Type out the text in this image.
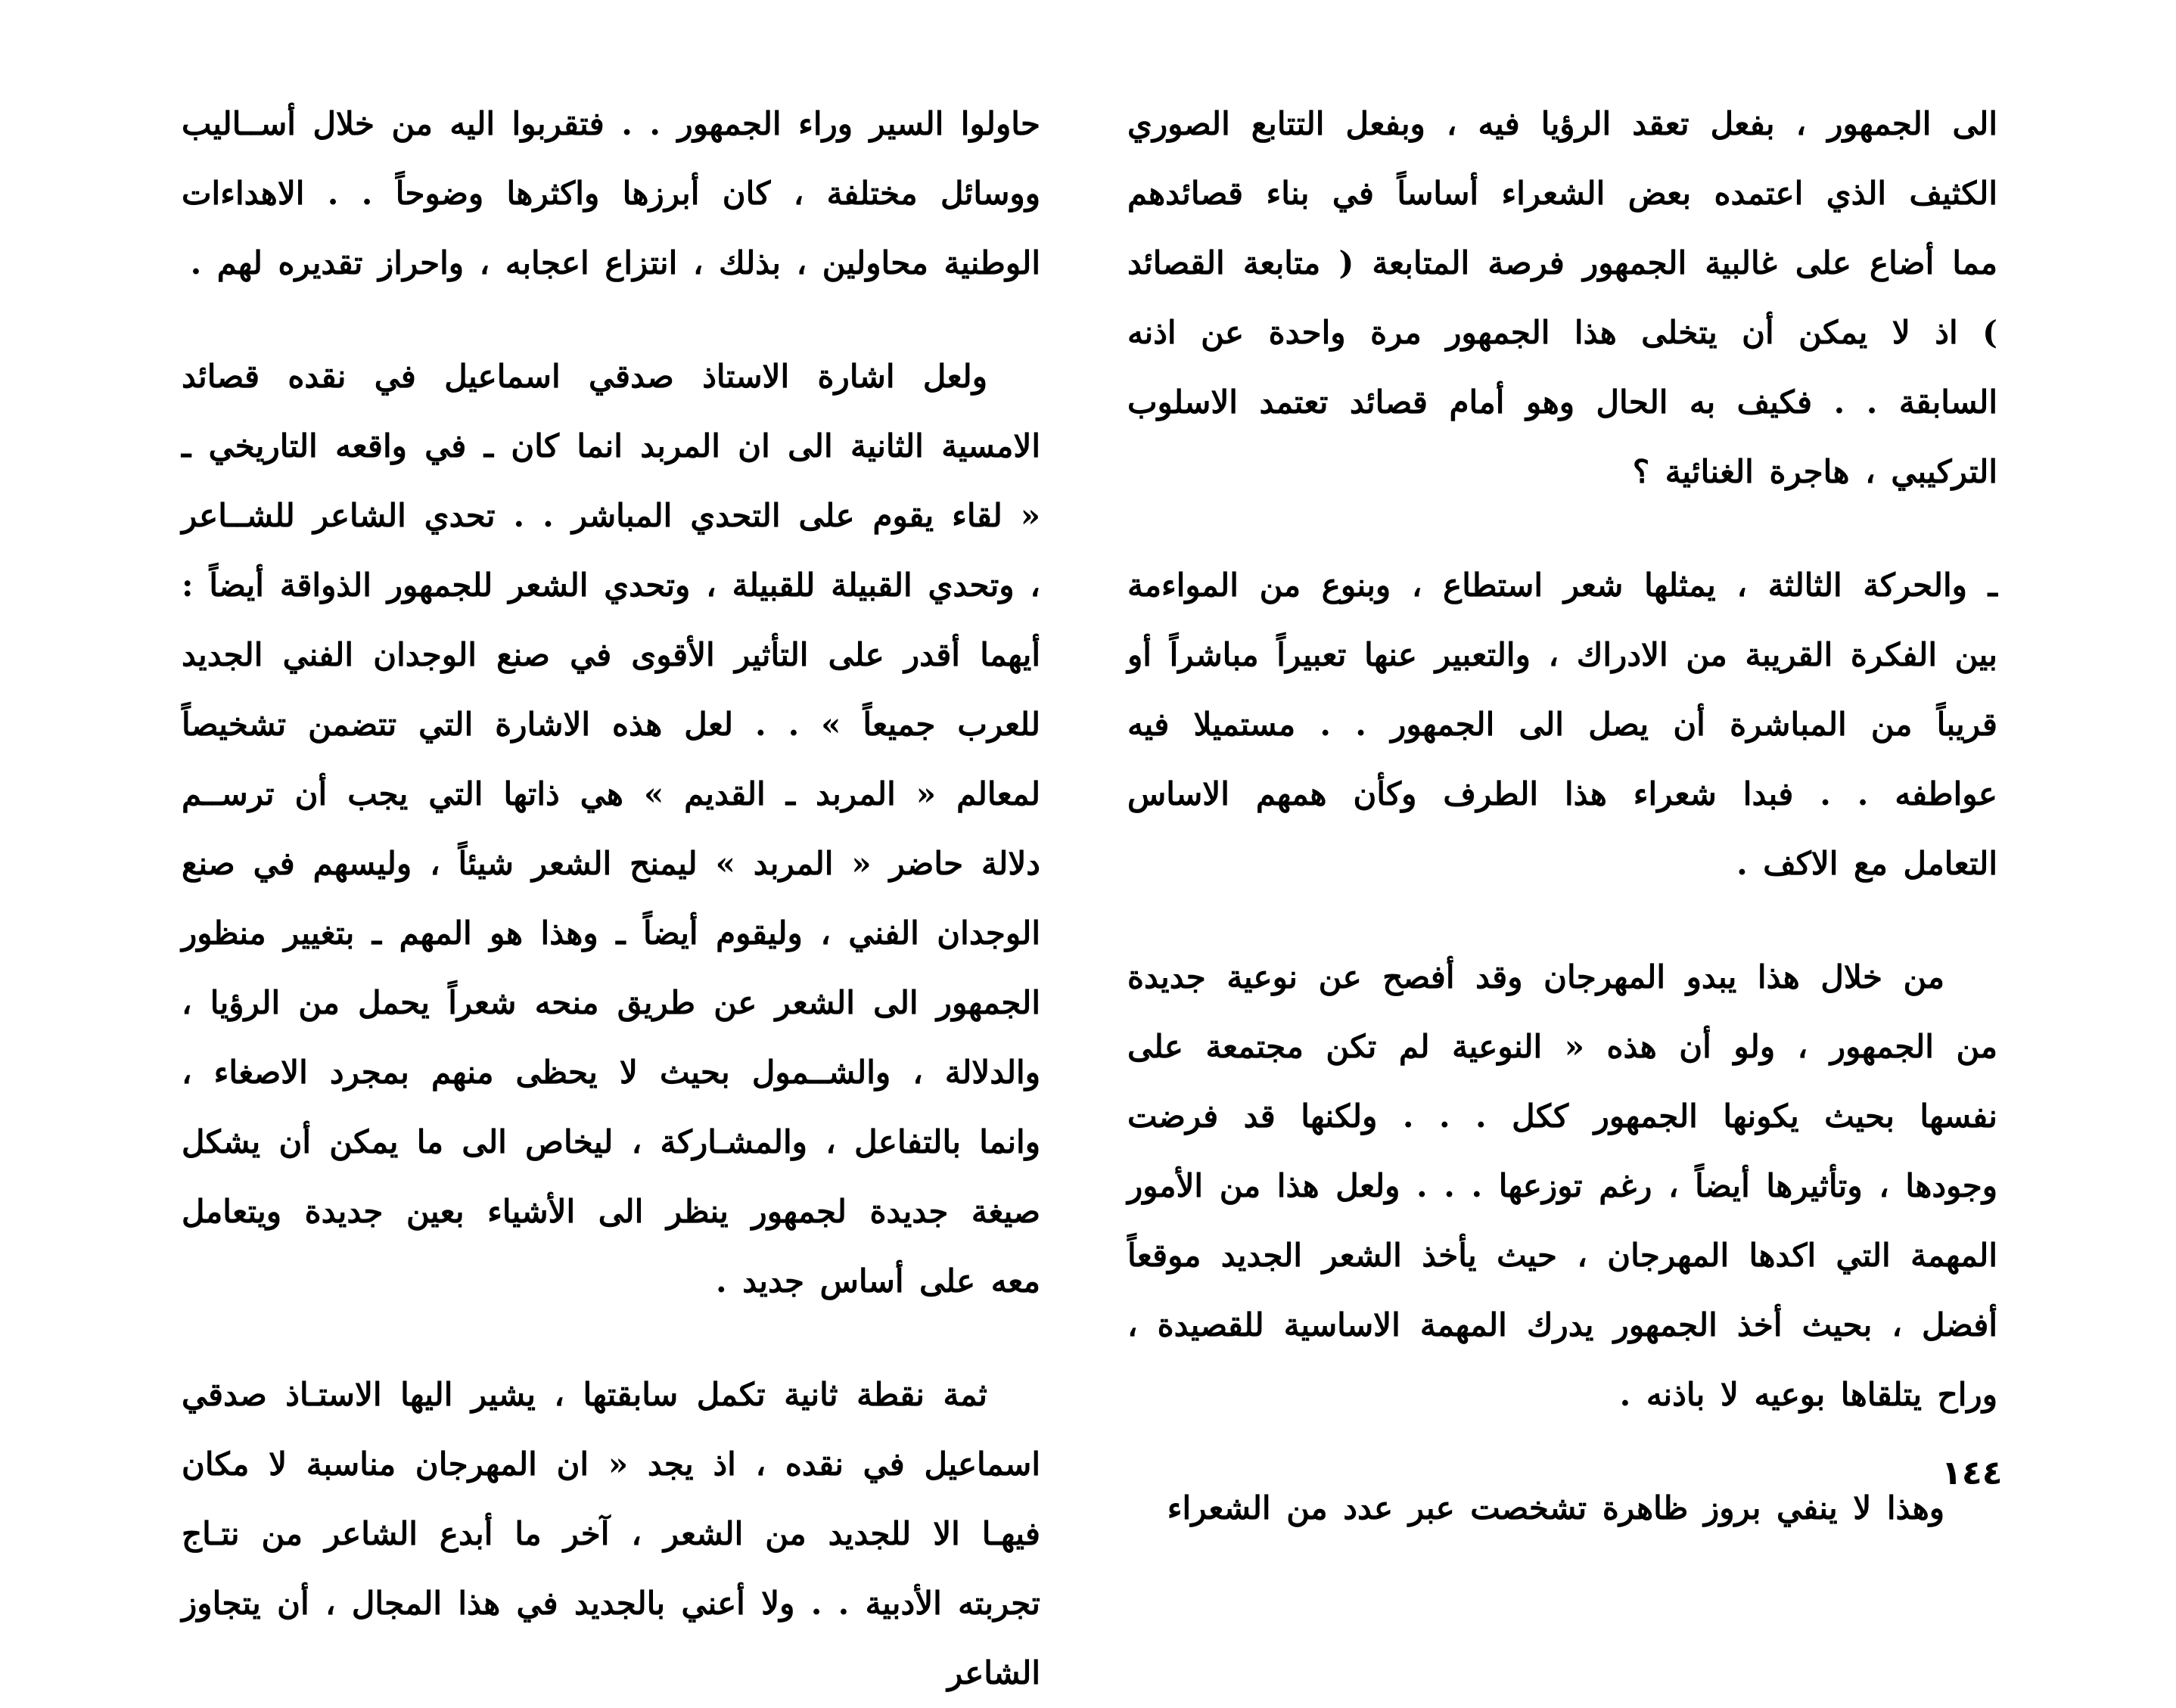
الى الجمهور ، بفعل تعقد الرؤيا فيه ، وبفعل التتابع الصوري الكثيف الذي اعتمده بعض الشعراء أساساً في بناء قصائدهم مما أضاع على غالبية الجمهور فرصة المتابعة ( متابعة القصائد ) اذ لا يمكن أن يتخلى هذا الجمهور مرة واحدة عن اذنه السابقة . . فكيف به الحال وهو أمام قصائد تعتمد الاسلوب التركيبي ، هاجرة الغنائية ؟

ـ والحركة الثالثة ، يمثلها شعر استطاع ، وبنوع من المواءمة بين الفكرة القريبة من الادراك ، والتعبير عنها تعبيراً مباشراً أو قريباً من المباشرة أن يصل الى الجمهور . . مستميلا فيه عواطفه . . فبدا شعراء هذا الطرف وكأن همهم الاساس التعامل مع الاكف .

من خلال هذا يبدو المهرجان وقد أفصح عن نوعية جديدة من الجمهور ، ولو أن هذه « النوعية لم تكن مجتمعة على نفسها بحيث يكونها الجمهور ككل . . . ولكنها قد فرضت وجودها ، وتأثيرها أيضاً ، رغم توزعها . . . ولعل هذا من الأمور المهمة التي اكدها المهرجان ، حيث يأخذ الشعر الجديد موقعاً أفضل ، بحيث أخذ الجمهور يدرك المهمة الاساسية للقصيدة ، وراح يتلقاها بوعيه لا باذنه .

وهذا لا ينفي بروز ظاهرة تشخصت عبر عدد من الشعراء

حاولوا السير وراء الجمهور . . فتقربوا اليه من خلال أســاليب ووسائل مختلفة ، كان أبرزها واكثرها وضوحاً . . الاهداءات الوطنية محاولين ، بذلك ، انتزاع اعجابه ، واحراز تقديره لهم .

ولعل اشارة الاستاذ صدقي اسماعيل في نقده قصائد الامسية الثانية الى ان المربد انما كان ـ في واقعه التاريخي ـ « لقاء يقوم على التحدي المباشر . . تحدي الشاعر للشــاعر ، وتحدي القبيلة للقبيلة ، وتحدي الشعر للجمهور الذواقة أيضاً : أيهما أقدر على التأثير الأقوى في صنع الوجدان الفني الجديد للعرب جميعاً » . . لعل هذه الاشارة التي تتضمن تشخيصاً لمعالم « المربد ـ القديم » هي ذاتها التي يجب أن ترســم دلالة حاضر « المربد » ليمنح الشعر شيئاً ، وليسهم في صنع الوجدان الفني ، وليقوم أيضاً ـ وهذا هو المهم ـ بتغيير منظور الجمهور الى الشعر عن طريق منحه شعراً يحمل من الرؤيا ، والدلالة ، والشــمول بحيث لا يحظى منهم بمجرد الاصغاء ، وانما بالتفاعل ، والمشـاركة ، ليخاص الى ما يمكن أن يشكل صيغة جديدة لجمهور ينظر الى الأشياء بعين جديدة ويتعامل معه على أساس جديد .

ثمة نقطة ثانية تكمل سابقتها ، يشير اليها الاستـاذ صدقي اسماعيل في نقده ، اذ يجد « ان المهرجان مناسبة لا مكان فيهـا الا للجديد من الشعر ، آخر ما أبدع الشاعر من نتـاج تجربته الأدبية . . ولا أعني بالجديد في هذا المجال ، أن يتجاوز الشاعر

١٤٤
